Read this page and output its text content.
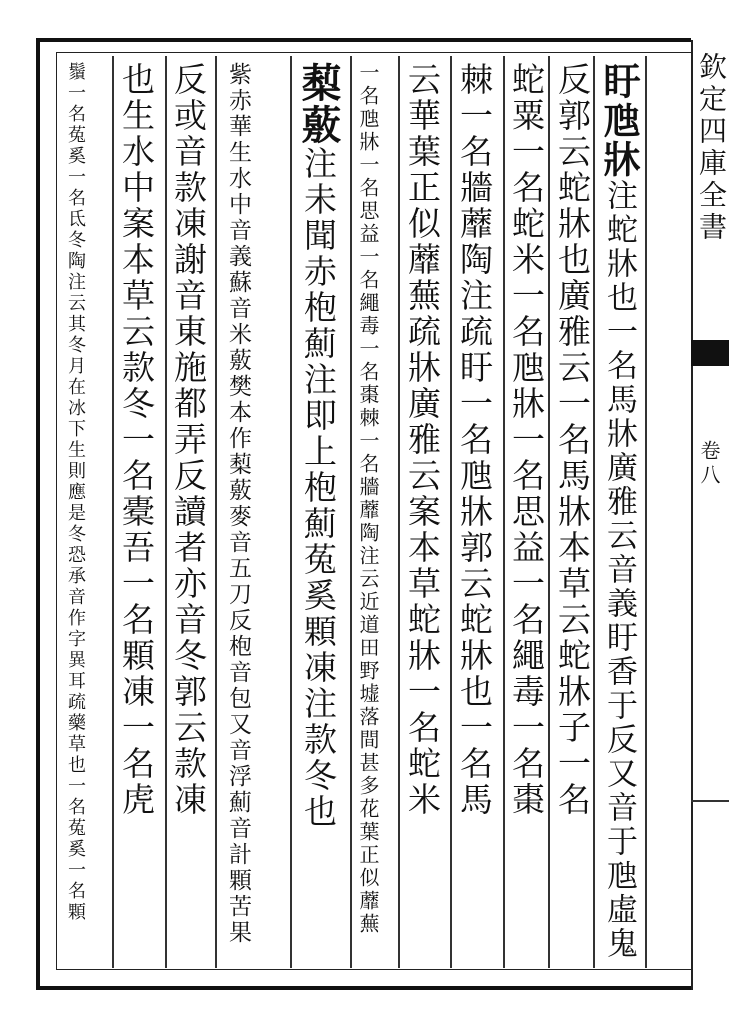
盱虺牀注蛇牀也一名馬牀廣雅云音義盱香于反又音于虺虛鬼
反郭云蛇牀也廣雅云一名馬牀本草云蛇牀子一名
蛇粟一名蛇米一名虺牀一名思益一名繩毒一名棗
棘一名牆蘼陶注疏盱一名虺牀郭云蛇牀也一名馬
云華葉正似蘼蕪疏牀廣雅云案本草蛇牀一名蛇米
一名虺牀一名思益一名繩毒一名棗棘一名牆蘼陶注云近道田野墟落間甚多花葉正似蘼蕪
䔧薂注未聞赤枹薊注即上枹薊菟奚顆凍注款冬也
紫赤華生水中音義蘇音米薂樊本作䔧薂麥音五刀反枹音包又音浮薊音計顆苦果
反或音款凍謝音東施都弄反讀者亦音冬郭云款凍
也生水中案本草云款冬一名橐吾一名顆凍一名虎
鬚一名菟奚一名氐冬陶注云其冬月在冰下生則應是冬恐承音作字異耳疏藥草也一名菟奚一名顆	欽定四庫全書
卷八
